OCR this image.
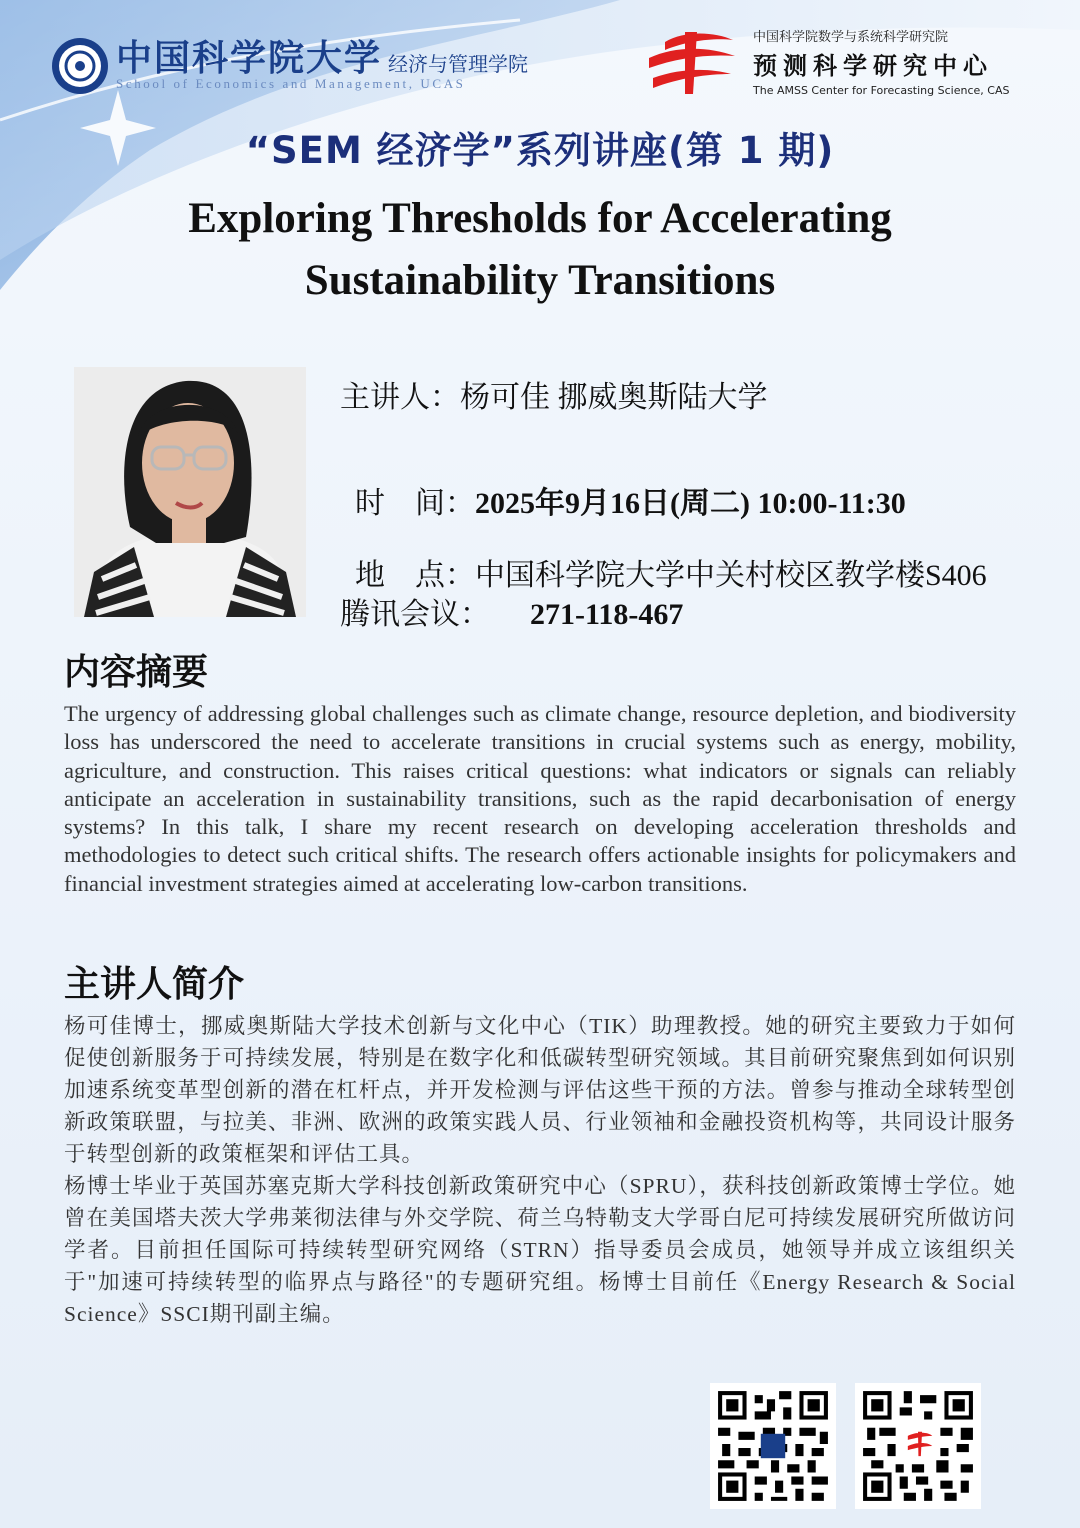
中国科学院大学 经济与管理学院
School of Economics and Management, UCAS
中国科学院数学与系统科学研究院
预测科学研究中心
The AMSS Center for Forecasting Science, CAS
“SEM 经济学”系列讲座(第 1 期)
Exploring Thresholds for Accelerating
Sustainability Transitions
主讲人：杨可佳 挪威奥斯陆大学

时    间：2025年9月16日(周二) 10:00-11:30

地    点：中国科学院大学中关村校区教学楼S406

腾讯会议： 271-118-467
内容摘要
The urgency of addressing global challenges such as climate change, resource depletion, and biodiversity loss has underscored the need to accelerate transitions in crucial systems such as energy, mobility, agriculture, and construction. This raises critical questions: what indicators or signals can reliably anticipate an acceleration in sustainability transitions, such as the rapid decarbonisation of energy systems? In this talk, I share my recent research on developing acceleration thresholds and methodologies to detect such critical shifts. The research offers actionable insights for policymakers and financial investment strategies aimed at accelerating low-carbon transitions.
主讲人简介

杨可佳博士，挪威奥斯陆大学技术创新与文化中心（TIK）助理教授。她的研究主要致力于如何促使创新服务于可持续发展，特别是在数字化和低碳转型研究领域。其目前研究聚焦到如何识别加速系统变革型创新的潜在杠杆点，并开发检测与评估这些干预的方法。曾参与推动全球转型创新政策联盟，与拉美、非洲、欧洲的政策实践人员、行业领袖和金融投资机构等，共同设计服务于转型创新的政策框架和评估工具。

杨博士毕业于英国苏塞克斯大学科技创新政策研究中心（SPRU），获科技创新政策博士学位。她曾在美国塔夫茨大学弗莱彻法律与外交学院、荷兰乌特勒支大学哥白尼可持续发展研究所做访问学者。目前担任国际可持续转型研究网络（STRN）指导委员会成员，她领导并成立该组织关于"加速可持续转型的临界点与路径"的专题研究组。杨博士目前任《Energy Research & Social Science》SSCI期刊副主编。
